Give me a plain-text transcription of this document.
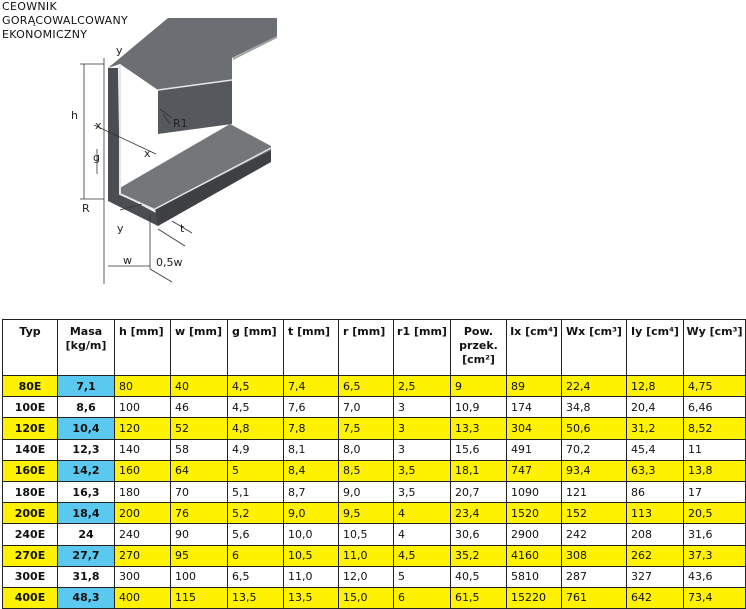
CEOWNIK
GORĄCOWALCOWANY
EKONOMICZNY
y
h
x
x
g
R1
R
y	t
w 0,5w
Typ	Masa [kg/m]	h [mm]	w [mm]	g [mm]	t [mm]	r [mm]	r1 [mm]	Pow. przek. [cm²]	Ix [cm⁴]	Wx [cm³]	Iy [cm⁴]	Wy [cm³]
80E	7,1	80	40	4,5	7,4	6,5	2,5	9	89	22,4	12,8	4,75
100E	8,6	100	46	4,5	7,6	7,0	3	10,9	174	34,8	20,4	6,46
120E	10,4	120	52	4,8	7,8	7,5	3	13,3	304	50,6	31,2	8,52
140E	12,3	140	58	4,9	8,1	8,0	3	15,6	491	70,2	45,4	11
160E	14,2	160	64	5	8,4	8,5	3,5	18,1	747	93,4	63,3	13,8
180E	16,3	180	70	5,1	8,7	9,0	3,5	20,7	1090	121	86	17
200E	18,4	200	76	5,2	9,0	9,5	4	23,4	1520	152	113	20,5
240E	24	240	90	5,6	10,0	10,5	4	30,6	2900	242	208	31,6
270E	27,7	270	95	6	10,5	11,0	4,5	35,2	4160	308	262	37,3
300E	31,8	300	100	6,5	11,0	12,0	5	40,5	5810	287	327	43,6
400E	48,3	400	115	13,5	13,5	15,0	6	61,5	15220	761	642	73,4
